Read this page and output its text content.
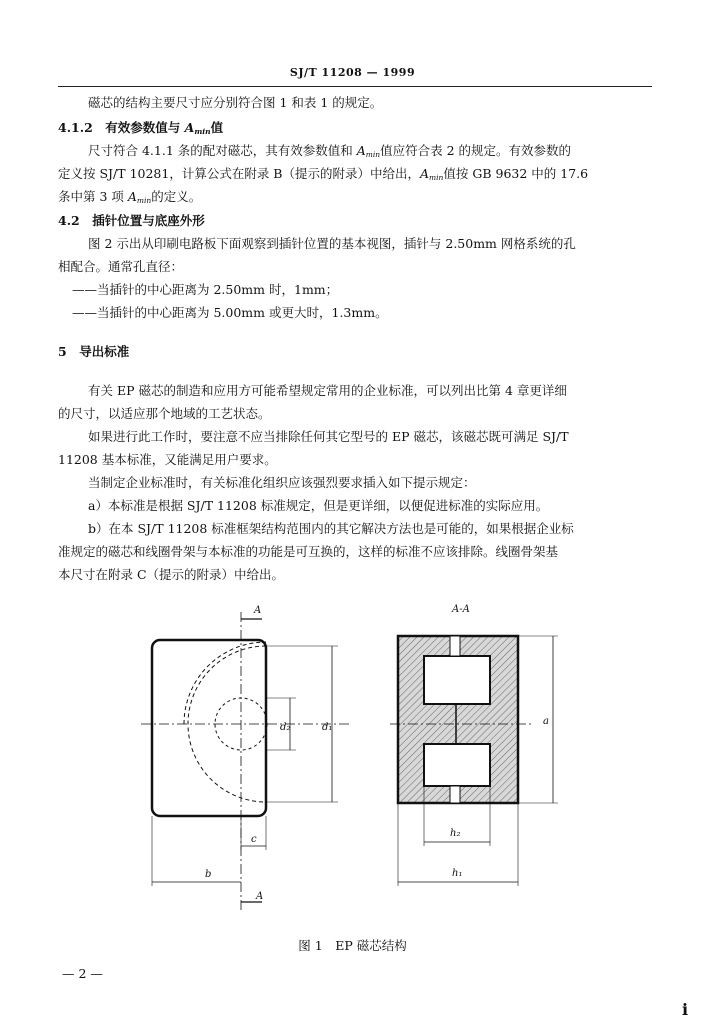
SJ/T 11208 — 1999
磁芯的结构主要尺寸应分别符合图 1 和表 1 的规定。
4.1.2　有效参数值与 $A_{min}$值
尺寸符合 4.1.1 条的配对磁芯，其有效参数值和 $A_{min}$值应符合表 2 的规定。有效参数的
定义按 SJ/T 10281，计算公式在附录 B（提示的附录）中给出，$A_{min}$值按 GB 9632 中的 17.6
条中第 3 项 $A_{min}$的定义。
4.2　插针位置与底座外形
图 2 示出从印刷电路板下面观察到插针位置的基本视图，插针与 2.50mm 网格系统的孔
相配合。通常孔直径：
——当插针的中心距离为 2.50mm 时，1mm；
——当插针的中心距离为 5.00mm 或更大时，1.3mm。
5　导出标准
有关 EP 磁芯的制造和应用方可能希望规定常用的企业标准，可以列出比第 4 章更详细
的尺寸，以适应那个地域的工艺状态。
如果进行此工作时，要注意不应当排除任何其它型号的 EP 磁芯，该磁芯既可满足 SJ/T
11208 基本标准，又能满足用户要求。
当制定企业标准时，有关标准化组织应该强烈要求插入如下提示规定：
a）本标准是根据 SJ/T 11208 标准规定，但是更详细，以便促进标准的实际应用。
b）在本 SJ/T 11208 标准框架结构范围内的其它解决方法也是可能的，如果根据企业标
准规定的磁芯和线圈骨架与本标准的功能是可互换的，这样的标准不应该排除。线圈骨架基
本尺寸在附录 C（提示的附录）中给出。
A
A
d₂	d₁
c
b
A-A
a
h₂
h₁
图 1　EP 磁芯结构
— 2 —
i
